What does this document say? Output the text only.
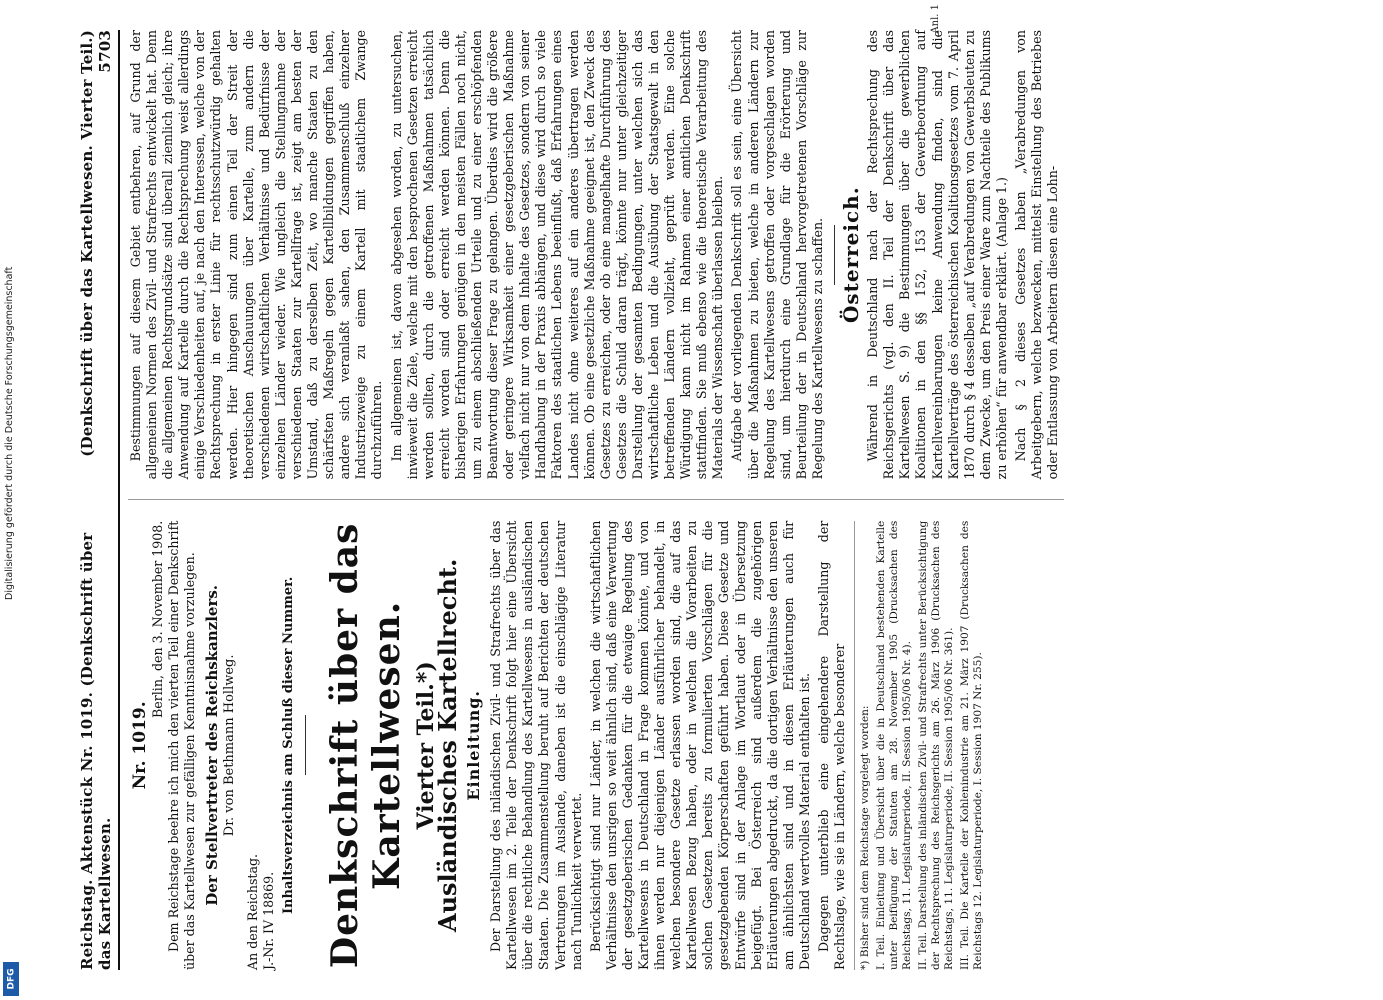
Digitalisierung gefördert durch die Deutsche Forschungsgemeinschaft
DFG
Reichstag. Aktenstück Nr. 1019. (Denkschrift über das Kartellwesen.
(Denkschrift über das Kartellwesen. Vierter Teil.)   5703
Nr. 1019.
Berlin, den 3. November 1908. Dem Reichstage beehre ich mich den vierten Teil einer Denkschrift über das Kartellwesen zur gefälligen Kenntnisnahme vorzulegen. Der Stellvertreter des Reichskanzlers. Dr. von Bethmann Hollweg.
An den Reichstag. J.-Nr. IV 18869.
Inhaltsverzeichnis am Schluß dieser Nummer. Denkschrift über das Kartellwesen. Vierter Teil.*)
Ausländisches Kartellrecht. Einleitung. Der Darstellung des inländischen Zivil- und Strafrechts über das Kartellwesen im 2. Teile der Denkschrift folgt hier eine Übersicht über die rechtliche Behandlung des Kartellwesens in ausländischen Staaten. Die Zusammenstellung beruht auf Berichten der deutschen Vertretungen im Auslande, daneben ist die einschlägige Literatur nach Tunlichkeit verwertet. Berücksichtigt sind nur Länder, in welchen die wirtschaftlichen Verhältnisse den unsrigen so weit ähnlich sind, daß eine Verwertung der gesetzgeberischen Gedanken für die etwaige Regelung des Kartellwesens in Deutschland in Frage kommen könnte, und von ihnen werden nur diejenigen Länder ausführlicher behandelt, in welchen besondere Gesetze erlassen worden sind, die auf das Kartellwesen Bezug haben, oder in welchen die Vorarbeiten zu solchen Gesetzen bereits zu formulierten Vorschlägen für die gesetzgebenden Körperschaften geführt haben. Diese Gesetze und Entwürfe sind in der Anlage im Wortlaut oder in Übersetzung beigefügt. Bei Österreich sind außerdem die zugehörigen Erläuterungen abgedruckt, da die dortigen Verhältnisse den unseren am ähnlichsten sind und in diesen Erläuterungen auch für Deutschland wertvolles Material enthalten ist. Dagegen unterblieb eine eingehendere Darstellung der Rechtslage, wie sie in Ländern, welche besonderer *) Bisher sind dem Reichstage vorgelegt worden: I. Teil. Einleitung und Übersicht über die in Deutschland bestehenden Kartelle unter Beifügung der Statuten am 28. November 1905 (Drucksachen des Reichstags, 11. Legislaturperiode, II. Session 1905/06 Nr. 4). II. Teil. Darstellung des inländischen Zivil- und Strafrechts unter Berücksichtigung der Rechtsprechung des Reichsgerichts am 26. März 1906 (Drucksachen des Reichstags, 11. Legislaturperiode, II. Session 1905/06 Nr. 361). III. Teil. Die Kartelle der Kohlenindustrie am 21. März 1907 (Drucksachen des Reichstags 12. Legislaturperiode, I. Session 1907 Nr. 255).

Bestimmungen auf diesem Gebiet entbehren, auf Grund der allgemeinen Normen des Zivil- und Strafrechts entwickelt hat. Denn die allgemeinen Rechtsgrundsätze sind überall ziemlich gleich; ihre Anwendung auf Kartelle durch die Rechtsprechung weist allerdings einige Verschiedenheiten auf, je nach den Interessen, welche von der Rechtsprechung in erster Linie für rechtsschutzwürdig gehalten werden. Hier hingegen sind zum einen Teil der Streit der theoretischen Anschauungen über Kartelle, zum andern die verschiedenen wirtschaftlichen Verhältnisse und Bedürfnisse der einzelnen Länder wieder. Wie ungleich die Stellungnahme der verschiedenen Staaten zur Kartellfrage ist, zeigt am besten der Umstand, daß zu derselben Zeit, wo manche Staaten zu den schärfsten Maßregeln gegen Kartellbildungen gegriffen haben, andere sich veranlaßt sahen, den Zusammenschluß einzelner Industriezweige zu einem Kartell mit staatlichem Zwange durchzuführen. Im allgemeinen ist, davon abgesehen worden, zu untersuchen, inwieweit die Ziele, welche mit den besprochenen Gesetzen erreicht werden sollten, durch die getroffenen Maßnahmen tatsächlich erreicht worden sind oder erreicht werden können. Denn die bisherigen Erfahrungen genügen in den meisten Fällen noch nicht, um zu einem abschließenden Urteile und zu einer erschöpfenden Beantwortung dieser Frage zu gelangen. Überdies wird die größere oder geringere Wirksamkeit einer gesetzgeberischen Maßnahme vielfach nicht nur von dem Inhalte des Gesetzes, sondern von seiner Handhabung in der Praxis abhängen, und diese wird durch so viele Faktoren des staatlichen Lebens beeinflußt, daß Erfahrungen eines Landes nicht ohne weiteres auf ein anderes übertragen werden können. Ob eine gesetzliche Maßnahme geeignet ist, den Zweck des Gesetzes zu erreichen, oder ob eine mangelhafte Durchführung des Gesetzes die Schuld daran trägt, könnte nur unter gleichzeitiger Darstellung der gesamten Bedingungen, unter welchen sich das wirtschaftliche Leben und die Ausübung der Staatsgewalt in den betreffenden Ländern vollzieht, geprüft werden. Eine solche Würdigung kann nicht im Rahmen einer amtlichen Denkschrift stattfinden. Sie muß ebenso wie die theoretische Verarbeitung des Materials der Wissenschaft überlassen bleiben. Aufgabe der vorliegenden Denkschrift soll es sein, eine Übersicht über die Maßnahmen zu bieten, welche in anderen Ländern zur Regelung des Kartellwesens getroffen oder vorgeschlagen worden sind, um hierdurch eine Grundlage für die Erörterung und Beurteilung der in Deutschland hervorgetretenen Vorschläge zur Regelung des Kartellwesens zu schaffen. Österreich. Während in Deutschland nach der Rechtsprechung des Reichsgerichts (vgl. den II. Teil der Denkschrift über das Kartellwesen S. 9) die Bestimmungen über die gewerblichen Koalitionen in den §§ 152, 153 der Gewerbeordnung auf Kartellvereinbarungen keine Anwendung finden, sind die Kartellverträge des österreichischen Koalitionsgesetzes vom 7. April 1870 durch § 4 desselben „auf Verabredungen von Gewerbsleuten zu dem Zwecke, um den Preis einer Ware zum Nachteile des Publikums zu erhöhen“ für anwendbar erklärt. (Anlage 1.) Nach § 2 dieses Gesetzes haben „Verabredungen von Arbeitgebern, welche bezwecken, mittelst Einstellung des Betriebes oder Entlassung von Arbeitern diesen eine Lohn-

Anl. 1
